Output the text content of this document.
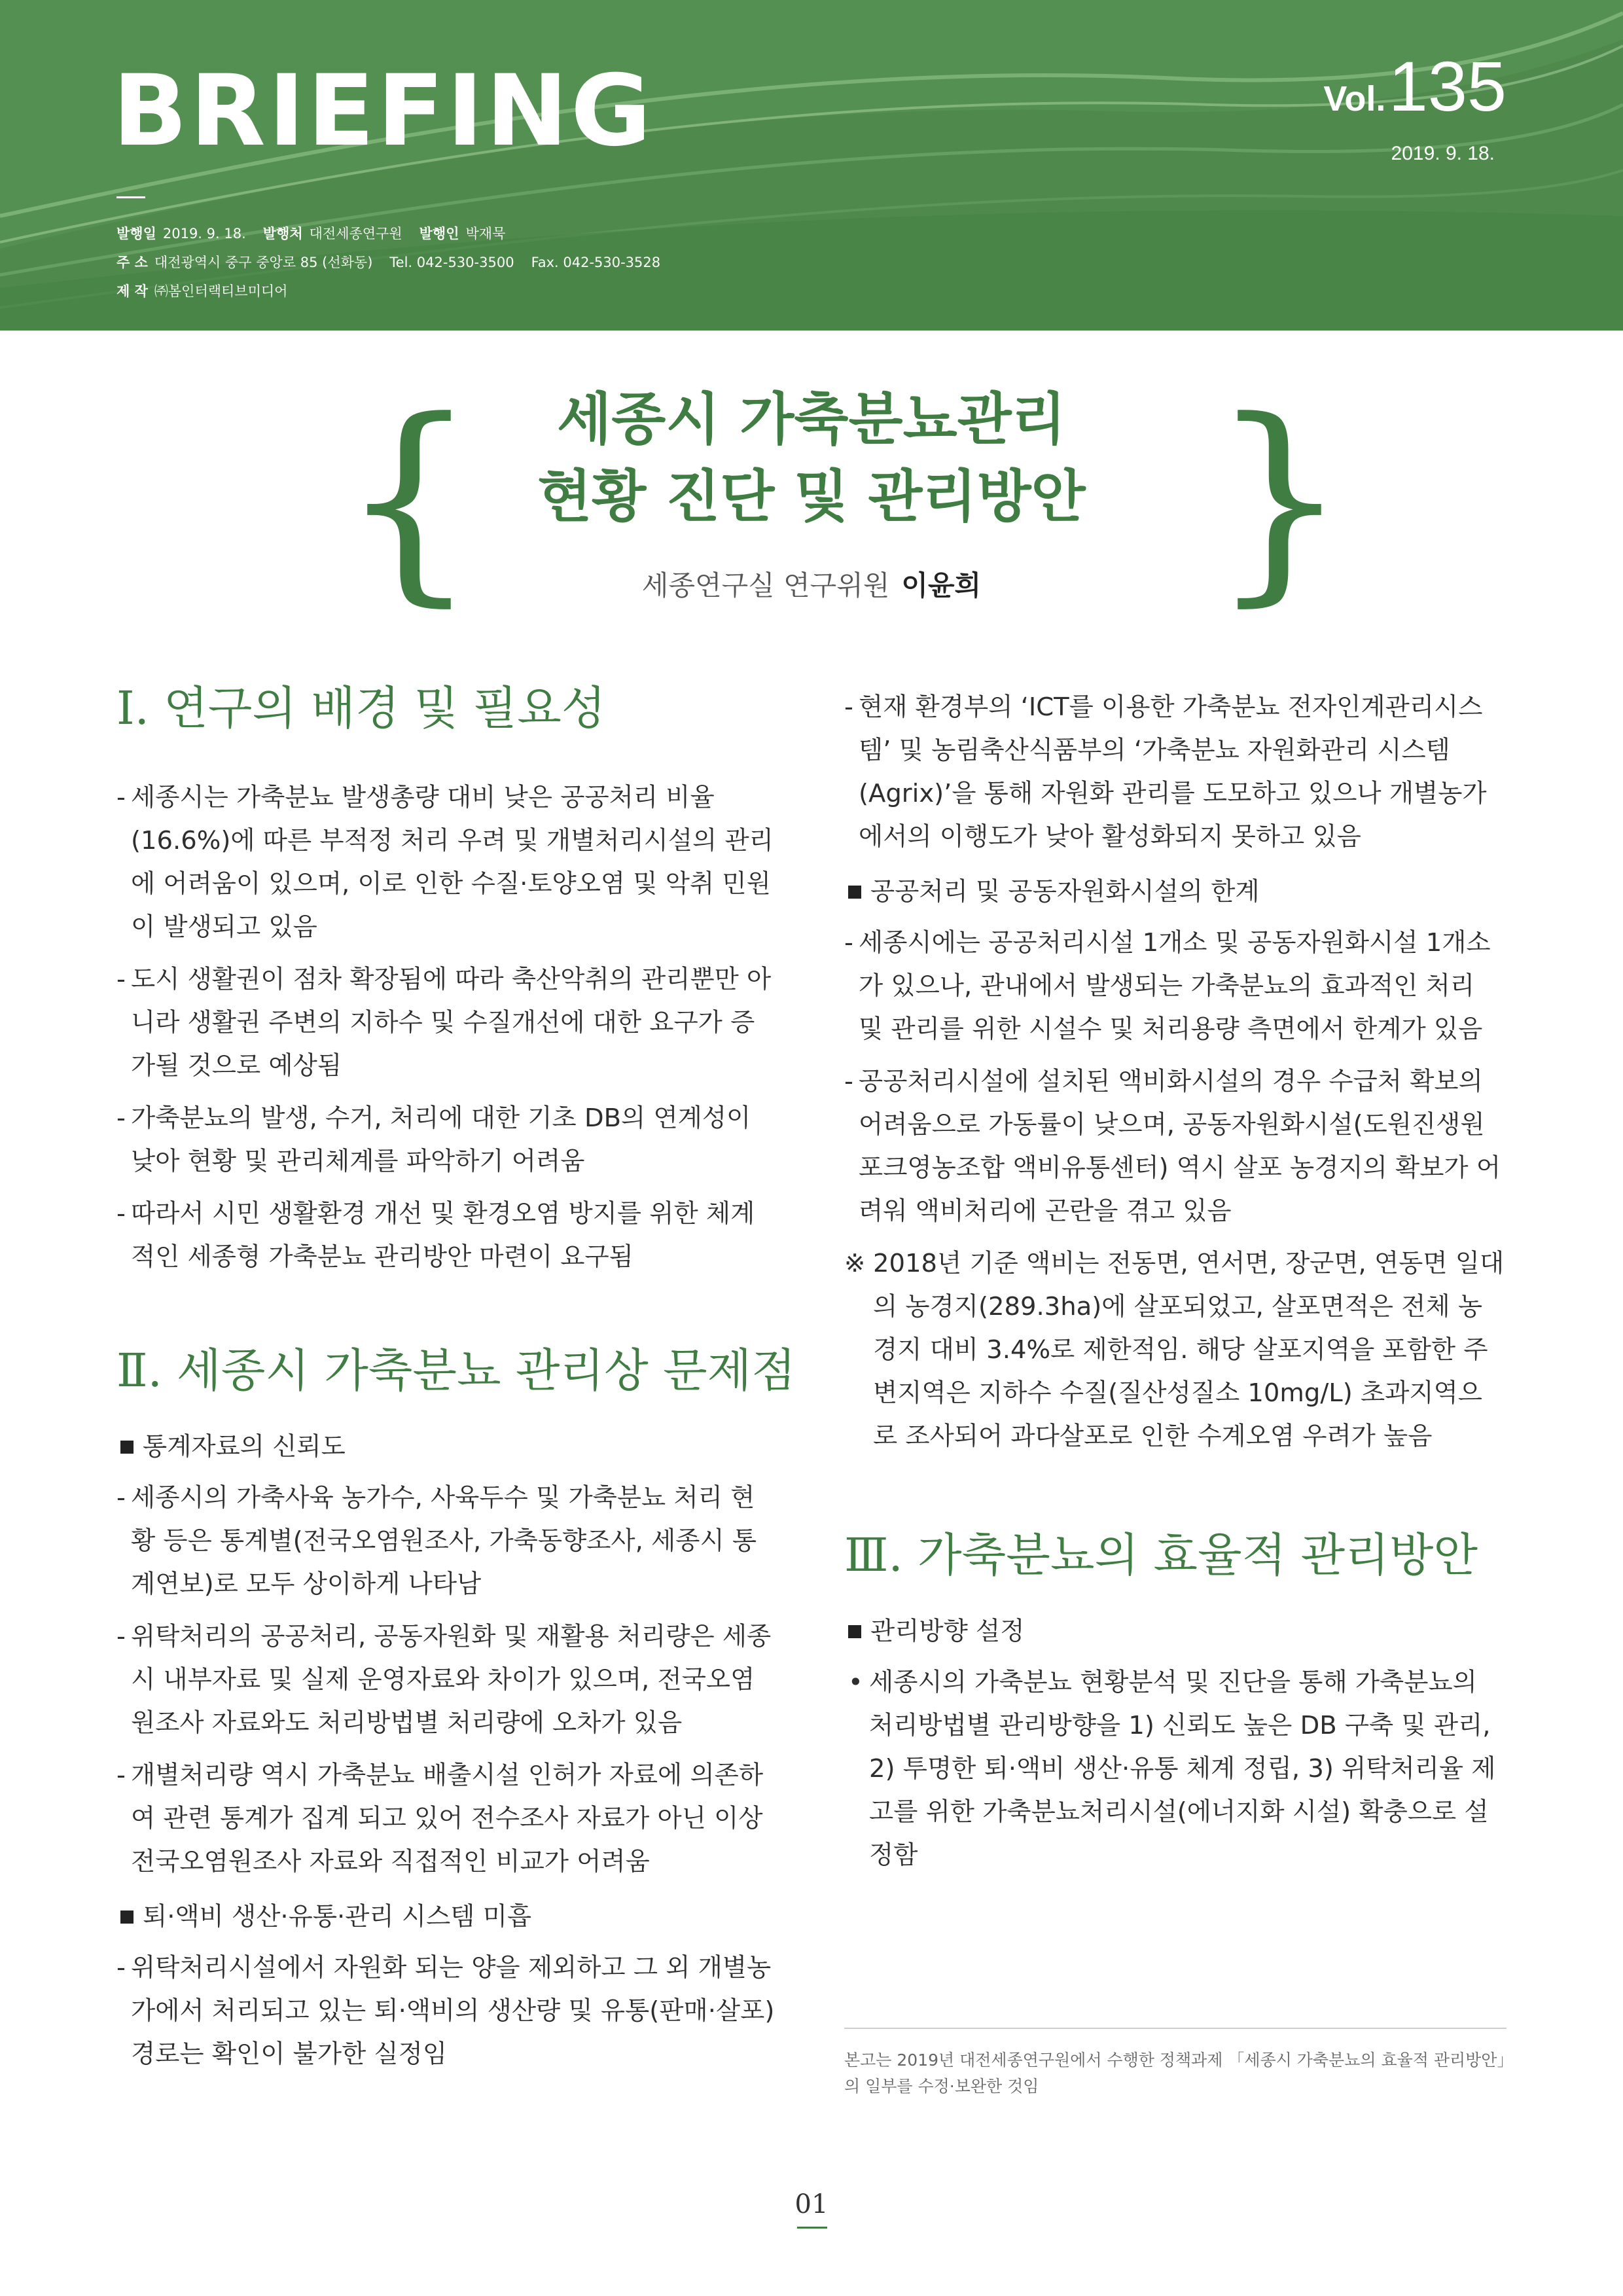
BRIEFING	Vol. 135
2019. 9. 18.
발행일 2019. 9. 18. 발행처 대전세종연구원 발행인 박재묵
주 소 대전광역시 중구 중앙로 85 (선화동) Tel. 042-530-3500 Fax. 042-530-3528
제 작 ㈜봄인터랙티브미디어
{	}
세종시 가축분뇨관리
현황 진단 및 관리방안
세종연구실 연구위원 이윤희
Ⅰ. 연구의 배경 및 필요성
- 세종시는 가축분뇨 발생총량 대비 낮은 공공처리 비율(16.6%)에 따른 부적정 처리 우려 및 개별처리시설의 관리에 어려움이 있으며, 이로 인한 수질·토양오염 및 악취 민원이 발생되고 있음
- 도시 생활권이 점차 확장됨에 따라 축산악취의 관리뿐만 아니라 생활권 주변의 지하수 및 수질개선에 대한 요구가 증가될 것으로 예상됨
- 가축분뇨의 발생, 수거, 처리에 대한 기초 DB의 연계성이 낮아 현황 및 관리체계를 파악하기 어려움
- 따라서 시민 생활환경 개선 및 환경오염 방지를 위한 체계적인 세종형 가축분뇨 관리방안 마련이 요구됨
Ⅱ. 세종시 가축분뇨 관리상 문제점
통계자료의 신뢰도
- 세종시의 가축사육 농가수, 사육두수 및 가축분뇨 처리 현황 등은 통계별(전국오염원조사, 가축동향조사, 세종시 통계연보)로 모두 상이하게 나타남
- 위탁처리의 공공처리, 공동자원화 및 재활용 처리량은 세종시 내부자료 및 실제 운영자료와 차이가 있으며, 전국오염원조사 자료와도 처리방법별 처리량에 오차가 있음
- 개별처리량 역시 가축분뇨 배출시설 인허가 자료에 의존하여 관련 통계가 집계 되고 있어 전수조사 자료가 아닌 이상 전국오염원조사 자료와 직접적인 비교가 어려움
퇴·액비 생산·유통·관리 시스템 미흡
- 위탁처리시설에서 자원화 되는 양을 제외하고 그 외 개별농가에서 처리되고 있는 퇴·액비의 생산량 및 유통(판매·살포) 경로는 확인이 불가한 실정임
- 현재 환경부의 ‘ICT를 이용한 가축분뇨 전자인계관리시스템’ 및 농림축산식품부의 ‘가축분뇨 자원화관리 시스템(Agrix)’을 통해 자원화 관리를 도모하고 있으나 개별농가에서의 이행도가 낮아 활성화되지 못하고 있음
공공처리 및 공동자원화시설의 한계
- 세종시에는 공공처리시설 1개소 및 공동자원화시설 1개소가 있으나, 관내에서 발생되는 가축분뇨의 효과적인 처리 및 관리를 위한 시설수 및 처리용량 측면에서 한계가 있음
- 공공처리시설에 설치된 액비화시설의 경우 수급처 확보의 어려움으로 가동률이 낮으며, 공동자원화시설(도원진생원포크영농조합 액비유통센터) 역시 살포 농경지의 확보가 어려워 액비처리에 곤란을 겪고 있음
※ 2018년 기준 액비는 전동면, 연서면, 장군면, 연동면 일대의 농경지(289.3ha)에 살포되었고, 살포면적은 전체 농경지 대비 3.4%로 제한적임. 해당 살포지역을 포함한 주변지역은 지하수 수질(질산성질소 10mg/L) 초과지역으로 조사되어 과다살포로 인한 수계오염 우려가 높음
Ⅲ. 가축분뇨의 효율적 관리방안
관리방향 설정
• 세종시의 가축분뇨 현황분석 및 진단을 통해 가축분뇨의 처리방법별 관리방향을 1) 신뢰도 높은 DB 구축 및 관리, 2) 투명한 퇴·액비 생산·유통 체계 정립, 3) 위탁처리율 제고를 위한 가축분뇨처리시설(에너지화 시설) 확충으로 설정함
본고는 2019년 대전세종연구원에서 수행한 정책과제 「세종시 가축분뇨의 효율적 관리방안」의 일부를 수정·보완한 것임
01
